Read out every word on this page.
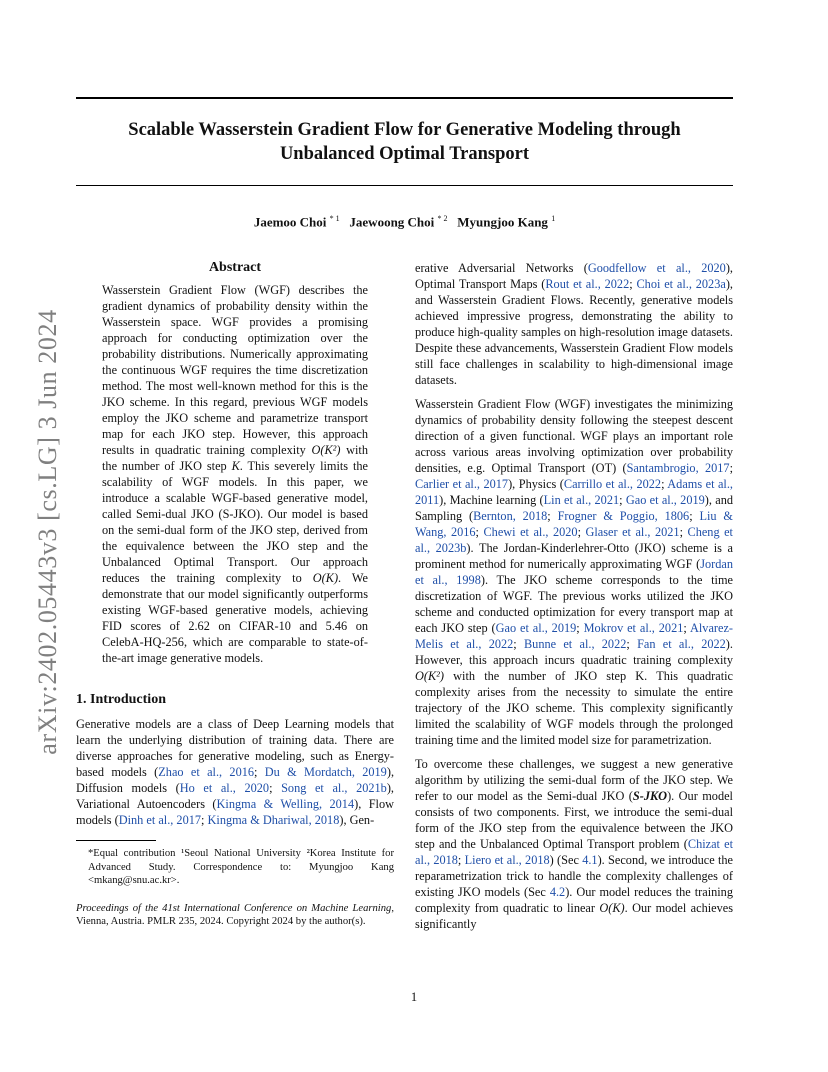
Scalable Wasserstein Gradient Flow for Generative Modeling through
Unbalanced Optimal Transport
Jaemoo Choi $^{* 1}$ Jaewoong Choi $^{* 2}$ Myungjoo Kang $^1$
arXiv:2402.05443v3 [cs.LG] 3 Jun 2024
Abstract

Wasserstein Gradient Flow (WGF) describes the gradient dynamics of probability density within the Wasserstein space. WGF provides a promising approach for conducting optimization over the probability distributions. Numerically approximating the continuous WGF requires the time discretization method. The most well-known method for this is the JKO scheme. In this regard, previous WGF models employ the JKO scheme and parametrize transport map for each JKO step. However, this approach results in quadratic training complexity O(K²) with the number of JKO step K. This severely limits the scalability of WGF models. In this paper, we introduce a scalable WGF-based generative model, called Semi-dual JKO (S-JKO). Our model is based on the semi-dual form of the JKO step, derived from the equivalence between the JKO step and the Unbalanced Optimal Transport. Our approach reduces the training complexity to O(K). We demonstrate that our model significantly outperforms existing WGF-based generative models, achieving FID scores of 2.62 on CIFAR-10 and 5.46 on CelebA-HQ-256, which are comparable to state-of-the-art image generative models.

1. Introduction

Generative models are a class of Deep Learning models that learn the underlying distribution of training data. There are diverse approaches for generative modeling, such as Energy-based models (Zhao et al., 2016; Du & Mordatch, 2019), Diffusion models (Ho et al., 2020; Song et al., 2021b), Variational Autoencoders (Kingma & Welling, 2014), Flow models (Dinh et al., 2017; Kingma & Dhariwal, 2018), Gen-

*Equal contribution ¹Seoul National University ²Korea Institute for Advanced Study. Correspondence to: Myungjoo Kang <mkang@snu.ac.kr>.

Proceedings of the 41st International Conference on Machine Learning, Vienna, Austria. PMLR 235, 2024. Copyright 2024 by the author(s).

erative Adversarial Networks (Goodfellow et al., 2020), Optimal Transport Maps (Rout et al., 2022; Choi et al., 2023a), and Wasserstein Gradient Flows. Recently, generative models achieved impressive progress, demonstrating the ability to produce high-quality samples on high-resolution image datasets. Despite these advancements, Wasserstein Gradient Flow models still face challenges in scalability to high-dimensional image datasets.

Wasserstein Gradient Flow (WGF) investigates the minimizing dynamics of probability density following the steepest descent direction of a given functional. WGF plays an important role across various areas involving optimization over probability densities, e.g. Optimal Transport (OT) (Santambrogio, 2017; Carlier et al., 2017), Physics (Carrillo et al., 2022; Adams et al., 2011), Machine learning (Lin et al., 2021; Gao et al., 2019), and Sampling (Bernton, 2018; Frogner & Poggio, 1806; Liu & Wang, 2016; Chewi et al., 2020; Glaser et al., 2021; Cheng et al., 2023b). The Jordan-Kinderlehrer-Otto (JKO) scheme is a prominent method for numerically approximating WGF (Jordan et al., 1998). The JKO scheme corresponds to the time discretization of WGF. The previous works utilized the JKO scheme and conducted optimization for every transport map at each JKO step (Gao et al., 2019; Mokrov et al., 2021; Alvarez-Melis et al., 2022; Bunne et al., 2022; Fan et al., 2022). However, this approach incurs quadratic training complexity O(K²) with the number of JKO step K. This quadratic complexity arises from the necessity to simulate the entire trajectory of the JKO scheme. This complexity significantly limited the scalability of WGF models through the prolonged training time and the limited model size for parametrization.

To overcome these challenges, we suggest a new generative algorithm by utilizing the semi-dual form of the JKO step. We refer to our model as the Semi-dual JKO (S-JKO). Our model consists of two components. First, we introduce the semi-dual form of the JKO step from the equivalence between the JKO step and the Unbalanced Optimal Transport problem (Chizat et al., 2018; Liero et al., 2018) (Sec 4.1). Second, we introduce the reparametrization trick to handle the complexity challenges of existing JKO models (Sec 4.2). Our model reduces the training complexity from quadratic to linear O(K). Our model achieves significantly

1
